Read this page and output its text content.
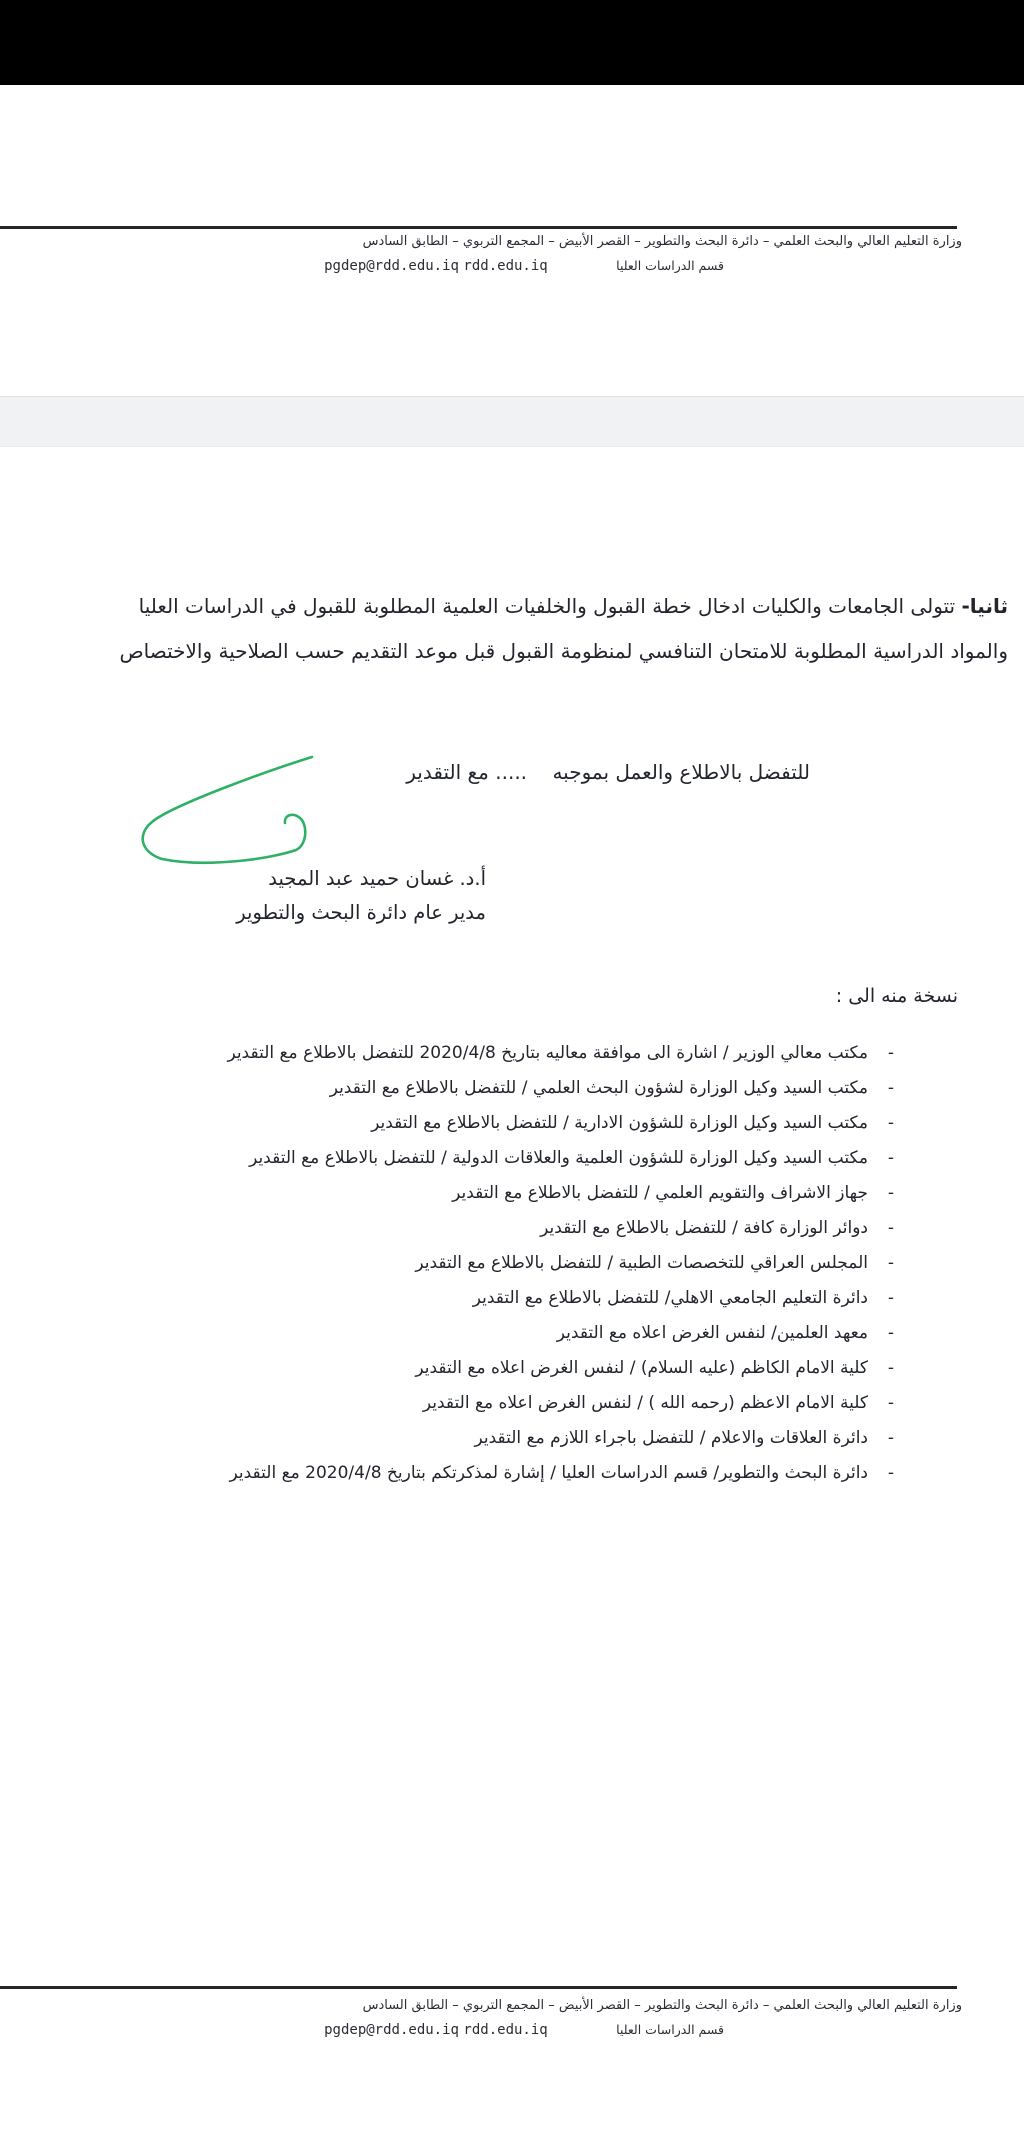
وزارة التعليم العالي والبحث العلمي – دائرة البحث والتطوير – القصر الأبيض – المجمع التربوي – الطابق السادس
قسم الدراسات العليا pgdep@rdd.edu.iq rdd.edu.iq
ثانيا- تتولى الجامعات والكليات ادخال خطة القبول والخلفيات العلمية المطلوبة للقبول في الدراسات العليا
والمواد الدراسية المطلوبة للامتحان التنافسي لمنظومة القبول قبل موعد التقديم حسب الصلاحية والاختصاص
للتفضل بالاطلاع والعمل بموجبه    ..... مع التقدير
أ.د. غسان حميد عبد المجيد
مدير عام دائرة البحث والتطوير
نسخة منه الى :
-
مكتب معالي الوزير / اشارة الى موافقة معاليه بتاريخ 2020/4/8 للتفضل بالاطلاع مع التقدير
-
مكتب السيد وكيل الوزارة لشؤون البحث العلمي / للتفضل بالاطلاع مع التقدير
-
مكتب السيد وكيل الوزارة للشؤون الادارية / للتفضل بالاطلاع مع التقدير
-
مكتب السيد وكيل الوزارة للشؤون العلمية والعلاقات الدولية / للتفضل بالاطلاع مع التقدير
-
جهاز الاشراف والتقويم العلمي / للتفضل بالاطلاع مع التقدير
-
دوائر الوزارة كافة / للتفضل بالاطلاع مع التقدير
-
المجلس العراقي للتخصصات الطبية / للتفضل بالاطلاع مع التقدير
-
دائرة التعليم الجامعي الاهلي/ للتفضل بالاطلاع مع التقدير
-
معهد العلمين/ لنفس الغرض اعلاه مع التقدير
-
كلية الامام الكاظم (عليه السلام) / لنفس الغرض اعلاه مع التقدير
-
كلية الامام الاعظم (رحمه الله ) / لنفس الغرض اعلاه مع التقدير
-
دائرة العلاقات والاعلام / للتفضل باجراء اللازم مع التقدير
-
دائرة البحث والتطوير/ قسم الدراسات العليا / إشارة لمذكرتكم بتاريخ 2020/4/8 مع التقدير
وزارة التعليم العالي والبحث العلمي – دائرة البحث والتطوير – القصر الأبيض – المجمع التربوي – الطابق السادس
قسم الدراسات العليا pgdep@rdd.edu.iq rdd.edu.iq
